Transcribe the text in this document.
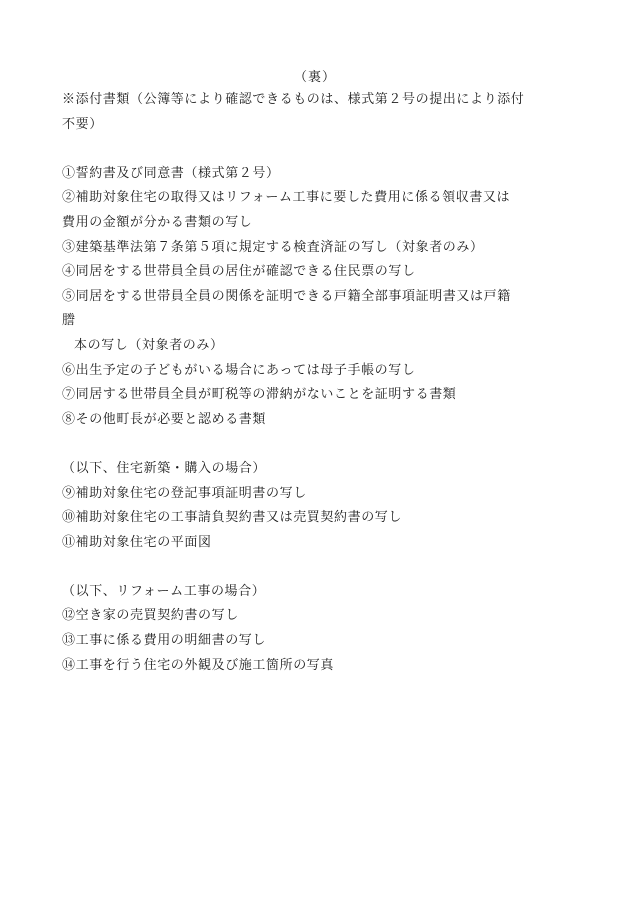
（裏）
※添付書類（公簿等により確認できるものは、様式第２号の提出により添付
不要）
①誓約書及び同意書（様式第２号）
②補助対象住宅の取得又はリフォーム工事に要した費用に係る領収書又は
費用の金額が分かる書類の写し
③建築基準法第７条第５項に規定する検査済証の写し（対象者のみ）
④同居をする世帯員全員の居住が確認できる住民票の写し
⑤同居をする世帯員全員の関係を証明できる戸籍全部事項証明書又は戸籍
謄
本の写し（対象者のみ）
⑥出生予定の子どもがいる場合にあっては母子手帳の写し
⑦同居する世帯員全員が町税等の滞納がないことを証明する書類
⑧その他町長が必要と認める書類
（以下、住宅新築・購入の場合）
⑨補助対象住宅の登記事項証明書の写し
⑩補助対象住宅の工事請負契約書又は売買契約書の写し
⑪補助対象住宅の平面図
（以下、リフォーム工事の場合）
⑫空き家の売買契約書の写し
⑬工事に係る費用の明細書の写し
⑭工事を行う住宅の外観及び施工箇所の写真
